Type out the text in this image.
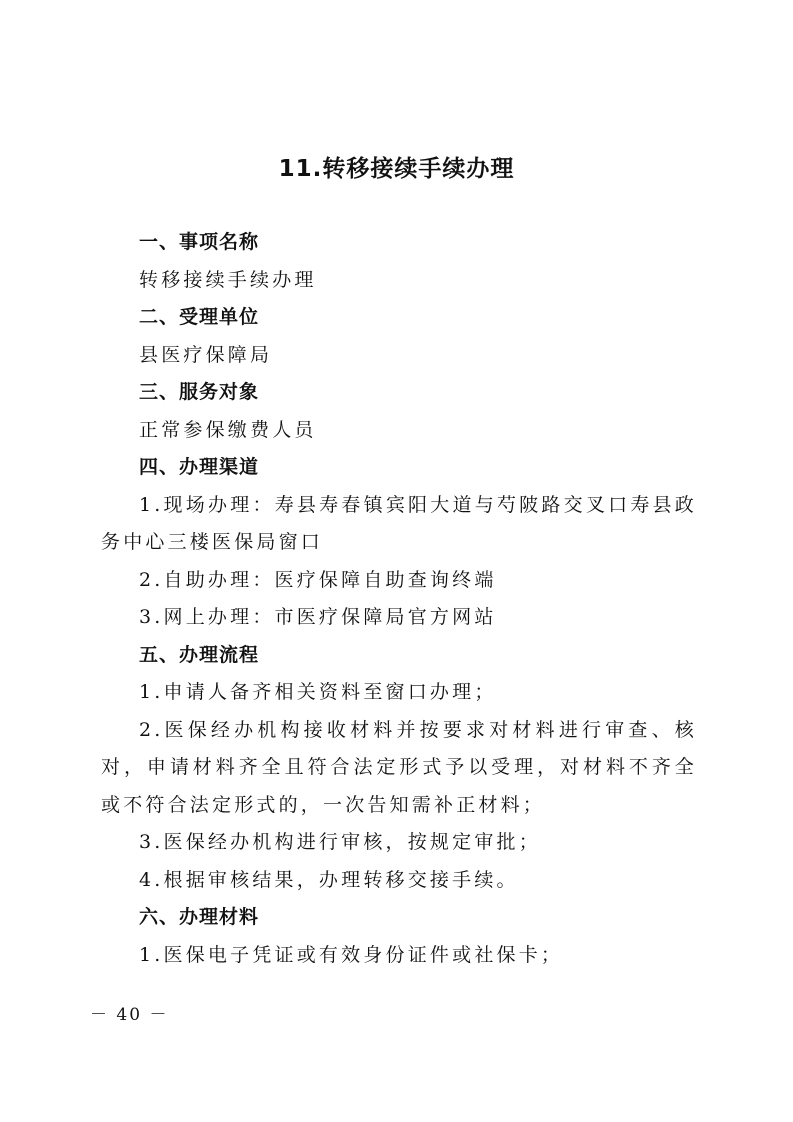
11.转移接续手续办理

一、事项名称

转移接续手续办理

二、受理单位

县医疗保障局

三、服务对象

正常参保缴费人员

四、办理渠道

1.现场办理：寿县寿春镇宾阳大道与芍陂路交叉口寿县政务中心三楼医保局窗口

2.自助办理：医疗保障自助查询终端

3.网上办理：市医疗保障局官方网站

五、办理流程

1.申请人备齐相关资料至窗口办理；

2.医保经办机构接收材料并按要求对材料进行审查、核对，申请材料齐全且符合法定形式予以受理，对材料不齐全或不符合法定形式的，一次告知需补正材料；

3.医保经办机构进行审核，按规定审批；

4.根据审核结果，办理转移交接手续。

六、办理材料

1.医保电子凭证或有效身份证件或社保卡；

－ 40 －
